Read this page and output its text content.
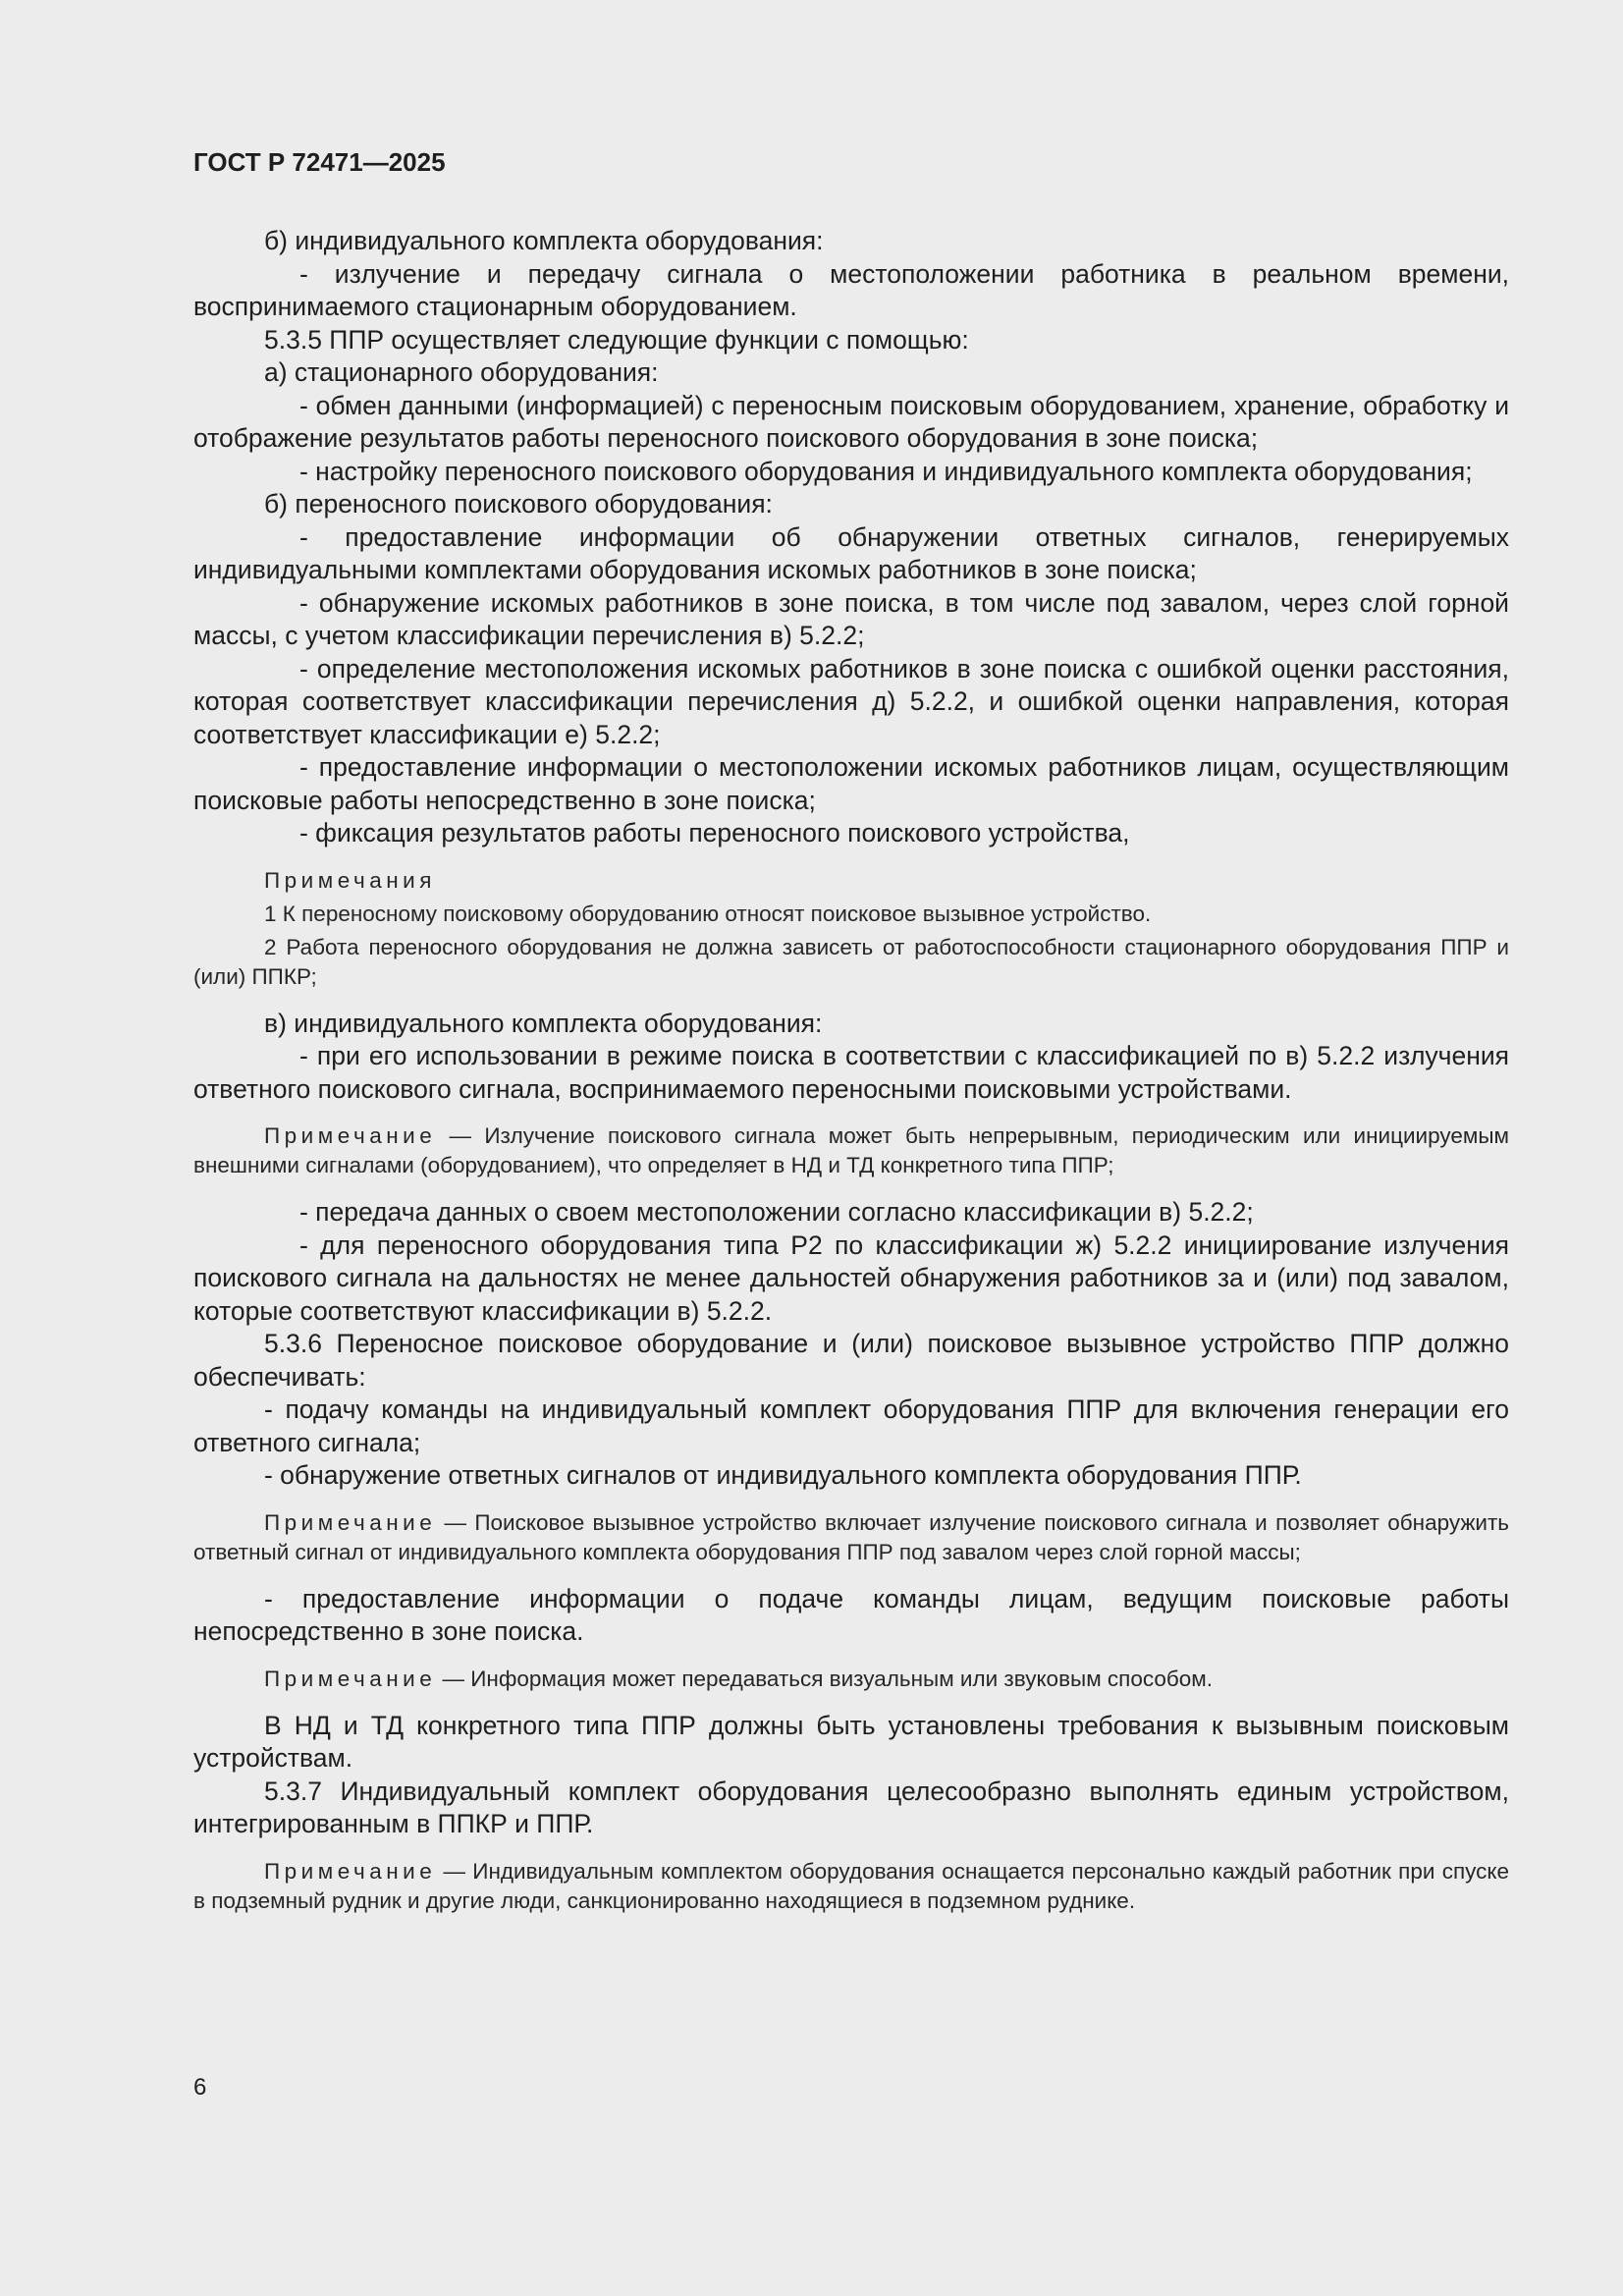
ГОСТ Р 72471—2025

б) индивидуального комплекта оборудования:

- излучение и передачу сигнала о местоположении работника в реальном времени, воспринимаемого стационарным оборудованием.

5.3.5 ППР осуществляет следующие функции с помощью:

а) стационарного оборудования:

- обмен данными (информацией) с переносным поисковым оборудованием, хранение, обработку и отображение результатов работы переносного поискового оборудования в зоне поиска;

- настройку переносного поискового оборудования и индивидуального комплекта оборудования;

б) переносного поискового оборудования:

- предоставление информации об обнаружении ответных сигналов, генерируемых индивидуальными комплектами оборудования искомых работников в зоне поиска;

- обнаружение искомых работников в зоне поиска, в том числе под завалом, через слой горной массы, с учетом классификации перечисления в) 5.2.2;

- определение местоположения искомых работников в зоне поиска с ошибкой оценки расстояния, которая соответствует классификации перечисления д) 5.2.2, и ошибкой оценки направления, которая соответствует классификации е) 5.2.2;

- предоставление информации о местоположении искомых работников лицам, осуществляющим поисковые работы непосредственно в зоне поиска;

- фиксация результатов работы переносного поискового устройства,

Примечания

1 К переносному поисковому оборудованию относят поисковое вызывное устройство.

2 Работа переносного оборудования не должна зависеть от работоспособности стационарного оборудования ППР и (или) ППКР;

в) индивидуального комплекта оборудования:

- при его использовании в режиме поиска в соответствии с классификацией по в) 5.2.2 излучения ответного поискового сигнала, воспринимаемого переносными поисковыми устройствами.

Примечание — Излучение поискового сигнала может быть непрерывным, периодическим или инициируемым внешними сигналами (оборудованием), что определяет в НД и ТД конкретного типа ППР;

- передача данных о своем местоположении согласно классификации в) 5.2.2;

- для переносного оборудования типа Р2 по классификации ж) 5.2.2 инициирование излучения поискового сигнала на дальностях не менее дальностей обнаружения работников за и (или) под завалом, которые соответствуют классификации в) 5.2.2.

5.3.6 Переносное поисковое оборудование и (или) поисковое вызывное устройство ППР должно обеспечивать:

- подачу команды на индивидуальный комплект оборудования ППР для включения генерации его ответного сигнала;

- обнаружение ответных сигналов от индивидуального комплекта оборудования ППР.

Примечание — Поисковое вызывное устройство включает излучение поискового сигнала и позволяет обнаружить ответный сигнал от индивидуального комплекта оборудования ППР под завалом через слой горной массы;

- предоставление информации о подаче команды лицам, ведущим поисковые работы непосредственно в зоне поиска.

Примечание — Информация может передаваться визуальным или звуковым способом.

В НД и ТД конкретного типа ППР должны быть установлены требования к вызывным поисковым устройствам.

5.3.7 Индивидуальный комплект оборудования целесообразно выполнять единым устройством, интегрированным в ППКР и ППР.

Примечание — Индивидуальным комплектом оборудования оснащается персонально каждый работник при спуске в подземный рудник и другие люди, санкционированно находящиеся в подземном руднике.

6
